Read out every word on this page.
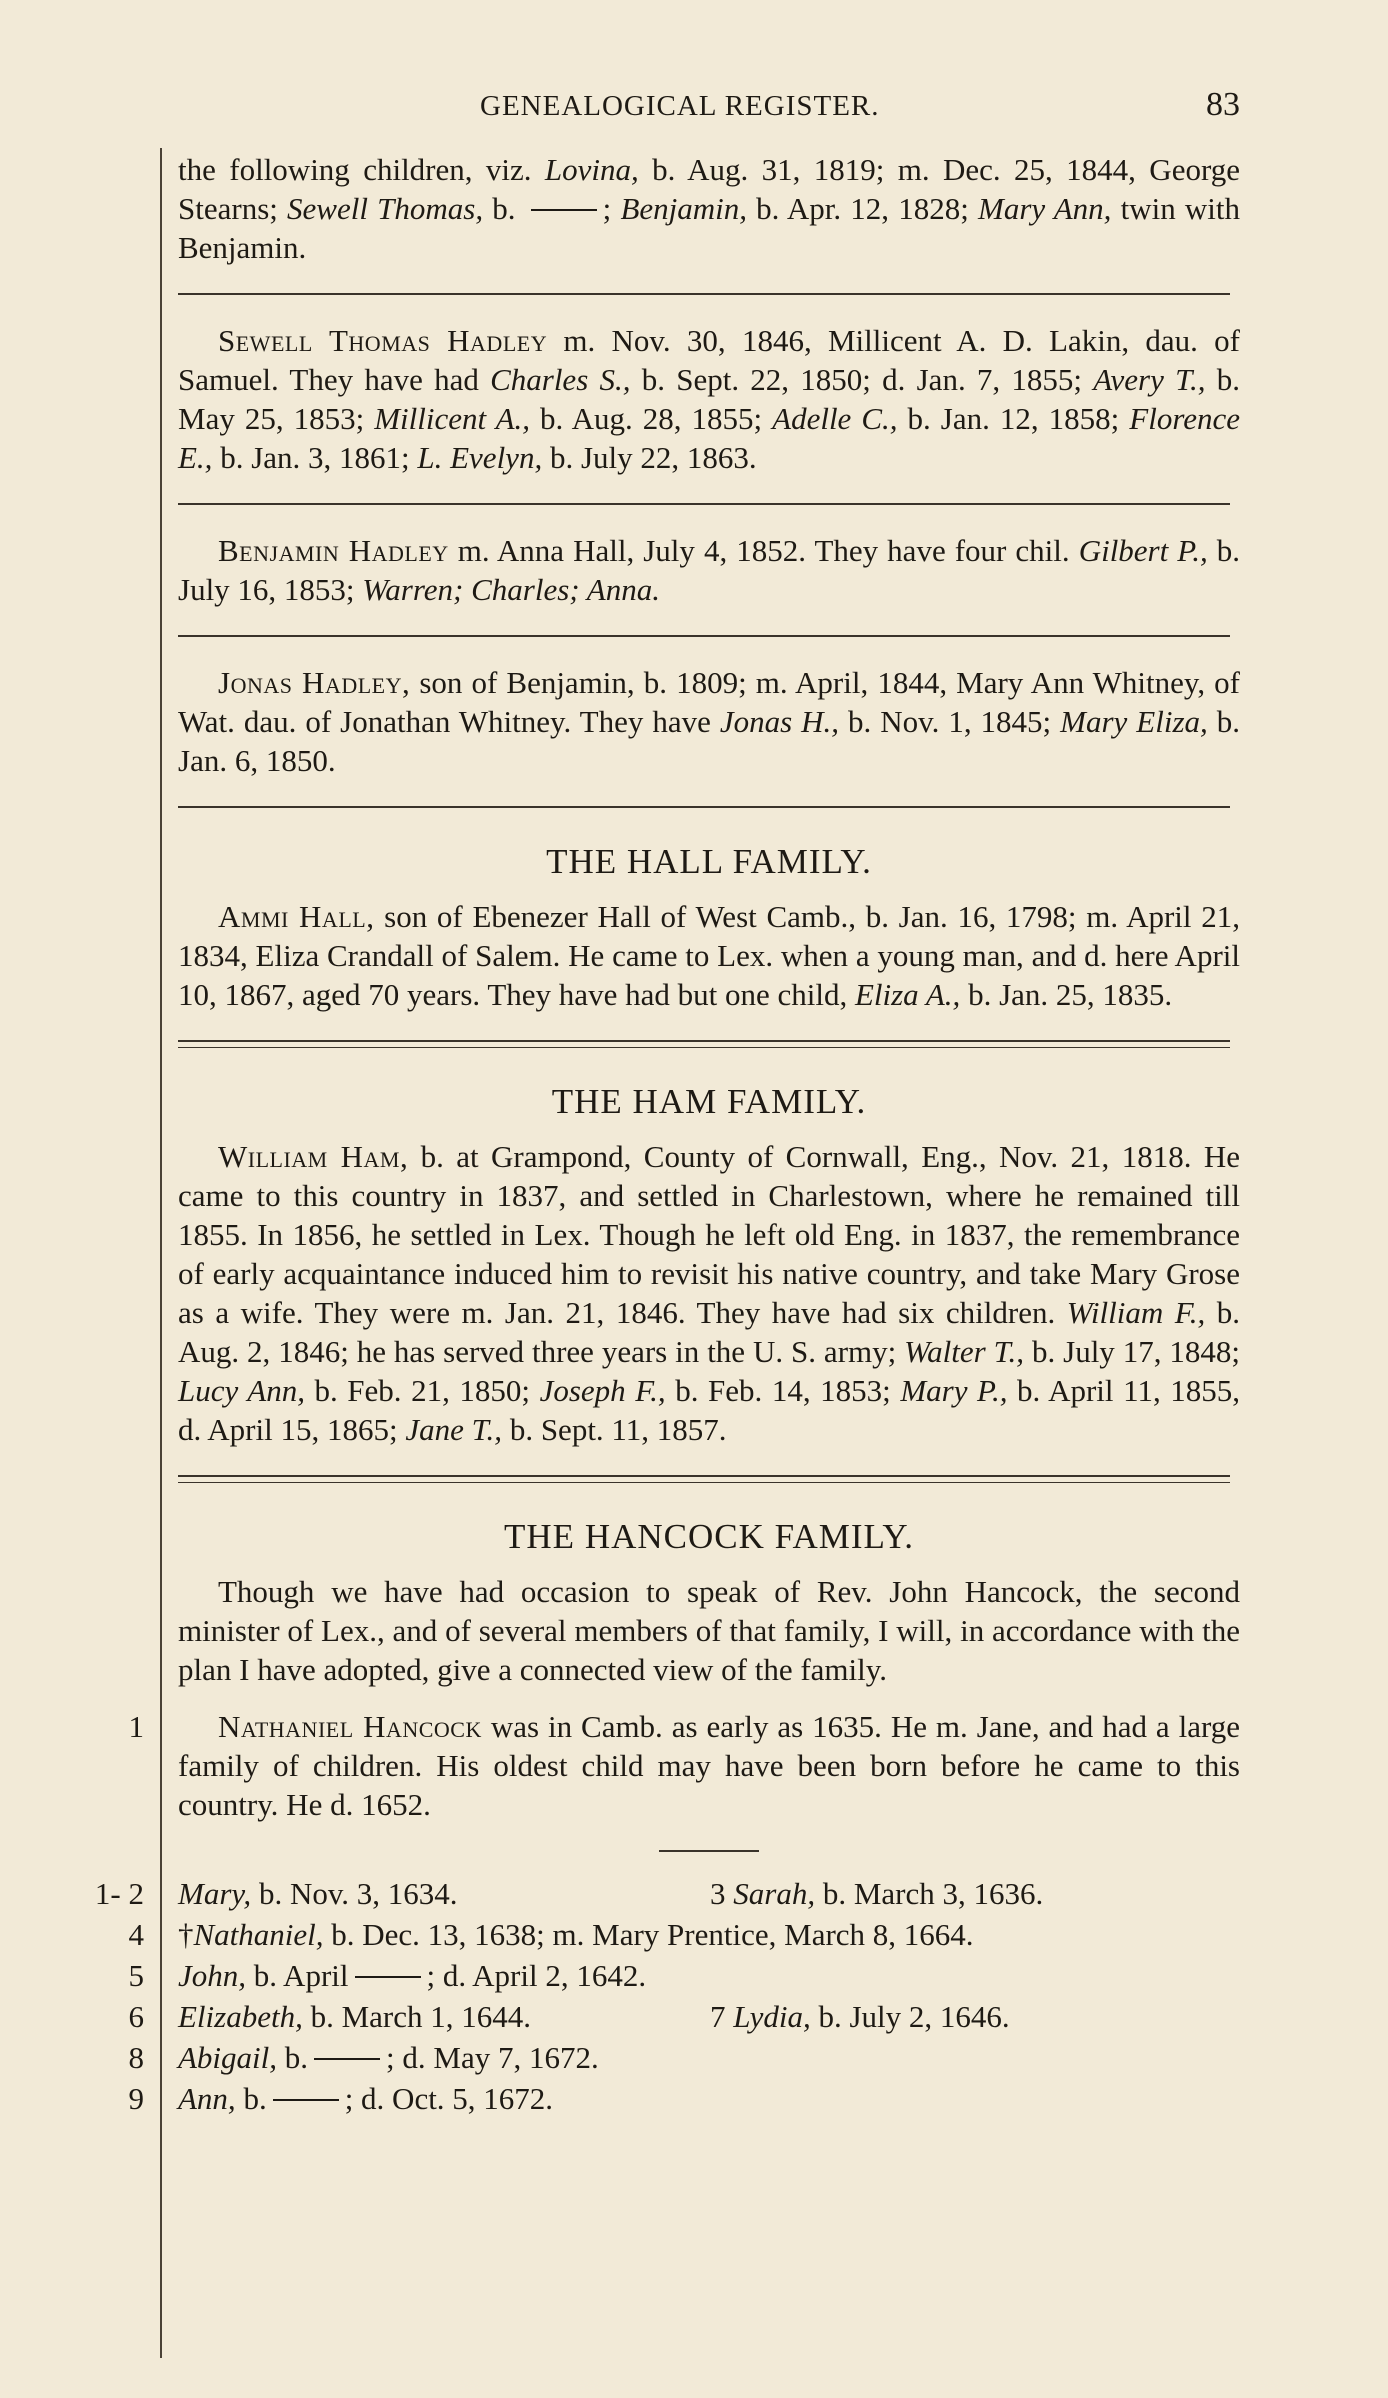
GENEALOGICAL REGISTER.	83

the following children, viz. Lovina, b. Aug. 31, 1819; m. Dec. 25, 1844, George Stearns; Sewell Thomas, b.	; Benjamin, b. Apr. 12, 1828; Mary Ann, twin with Benjamin.

Sewell Thomas Hadley m. Nov. 30, 1846, Millicent A. D. Lakin, dau. of Samuel. They have had Charles S., b. Sept. 22, 1850; d. Jan. 7, 1855; Avery T., b. May 25, 1853; Millicent A., b. Aug. 28, 1855; Adelle C., b. Jan. 12, 1858; Florence E., b. Jan. 3, 1861; L. Evelyn, b. July 22, 1863.

Benjamin Hadley m. Anna Hall, July 4, 1852. They have four chil. Gilbert P., b. July 16, 1853; Warren; Charles; Anna.

Jonas Hadley, son of Benjamin, b. 1809; m. April, 1844, Mary Ann Whitney, of Wat. dau. of Jonathan Whitney. They have Jonas H., b. Nov. 1, 1845; Mary Eliza, b. Jan. 6, 1850.

THE HALL FAMILY.

Ammi Hall, son of Ebenezer Hall of West Camb., b. Jan. 16, 1798; m. April 21, 1834, Eliza Crandall of Salem. He came to Lex. when a young man, and d. here April 10, 1867, aged 70 years. They have had but one child, Eliza A., b. Jan. 25, 1835.

THE HAM FAMILY.

William Ham, b. at Grampond, County of Cornwall, Eng., Nov. 21, 1818. He came to this country in 1837, and settled in Charlestown, where he remained till 1855. In 1856, he settled in Lex. Though he left old Eng. in 1837, the remembrance of early acquaintance induced him to revisit his native country, and take Mary Grose as a wife. They were m. Jan. 21, 1846. They have had six children. William F., b. Aug. 2, 1846; he has served three years in the U. S. army; Walter T., b. July 17, 1848; Lucy Ann, b. Feb. 21, 1850; Joseph F., b. Feb. 14, 1853; Mary P., b. April 11, 1855, d. April 15, 1865; Jane T., b. Sept. 11, 1857.

THE HANCOCK FAMILY.

Though we have had occasion to speak of Rev. John Hancock, the second minister of Lex., and of several members of that family, I will, in accordance with the plan I have adopted, give a connected view of the family.

1 Nathaniel Hancock was in Camb. as early as 1635. He m. Jane, and had a large family of children. His oldest child may have been born before he came to this country. He d. 1652.

1- 2 Mary, b. Nov. 3, 1634.	3 Sarah, b. March 3, 1636.
4 †Nathaniel, b. Dec. 13, 1638; m. Mary Prentice, March 8, 1664.
5 John, b. April	; d. April 2, 1642.
6 Elizabeth, b. March 1, 1644.	7 Lydia, b. July 2, 1646.
8 Abigail, b.	; d. May 7, 1672.
9 Ann, b.	; d. Oct. 5, 1672.
